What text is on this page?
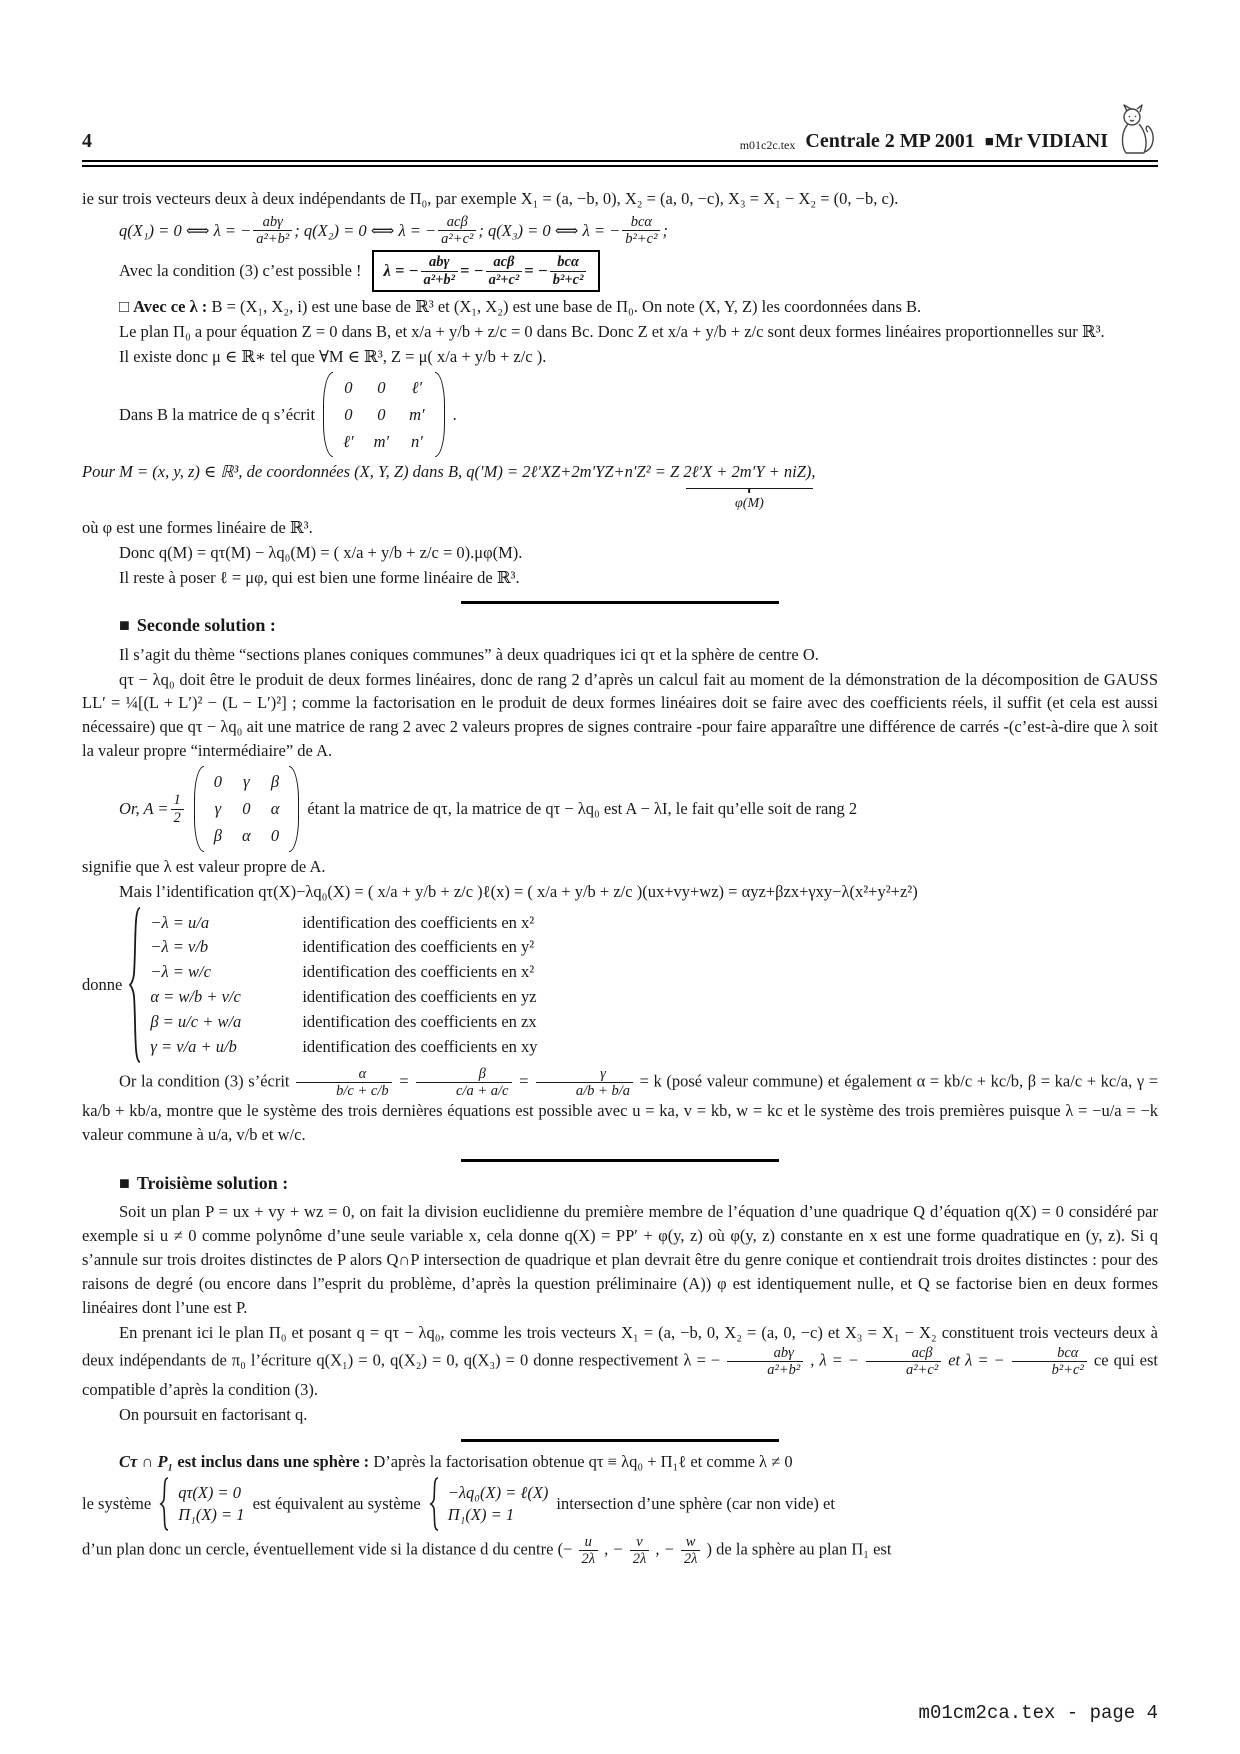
4	m01c2c.tex Centrale 2 MP 2001 ■Mr VIDIANI

ie sur trois vecteurs deux à deux indépendants de Π₀, par exemple X₁ = (a, −b, 0), X₂ = (a, 0, −c), X₃ = X₁ − X₂ = (0, −b, c).

q(X₁) = 0 ⟺ λ = − $\frac{\text{abγ}}{\text{a²+b²}}$ ; q(X₂) = 0 ⟺ λ = − $\frac{\text{acβ}}{\text{a²+c²}}$ ; q(X₃) = 0 ⟺ λ = − $\frac{\text{bcα}}{\text{b²+c²}}$ ;
Avec la condition (3) c’est possible ! λ = − $\frac{\text{abγ}}{\text{a²+b²}}$ = − $\frac{\text{acβ}}{\text{a²+c²}}$ = − $\frac{\text{bcα}}{\text{b²+c²}}$

□ Avec ce λ : B = (X₁, X₂, i) est une base de ℝ³ et (X₁, X₂) est une base de Π₀. On note (X, Y, Z) les coordonnées dans B.

Le plan Π₀ a pour équation Z = 0 dans B, et x/a + y/b + z/c = 0 dans Bc. Donc Z et x/a + y/b + z/c sont deux formes linéaires proportionnelles sur ℝ³.

Il existe donc μ ∈ ℝ∗ tel que ∀M ∈ ℝ³, Z = μ( x/a + y/b + z/c ).

Dans B la matrice de q s’écrit
0 0 ℓ′
0 0 m′
ℓ′ m′ n′
.

Pour M = (x, y, z) ∈ ℝ³, de coordonnées (X, Y, Z) dans B, q(′M) = 2ℓ′XZ+2m′YZ+n′Z² = Z 2ℓ′X + 2m′Y + niZ),
φ(M)

où φ est une formes linéaire de ℝ³.

Donc q(M) = qτ(M) − λq₀(M) = ( x/a + y/b + z/c = 0).μφ(M).

Il reste à poser ℓ = μφ, qui est bien une forme linéaire de ℝ³.

■ Seconde solution :

Il s’agit du thème “sections planes coniques communes” à deux quadriques ici qτ et la sphère de centre O.

qτ − λq₀ doit être le produit de deux formes linéaires, donc de rang 2 d’après un calcul fait au moment de la démonstration de la décomposition de GAUSS LL′ = ¼[(L + L′)² − (L − L′)²] ; comme la factorisation en le produit de deux formes linéaires doit se faire avec des coefficients réels, il suffit (et cela est aussi nécessaire) que qτ − λq₀ ait une matrice de rang 2 avec 2 valeurs propres de signes contraire -pour faire apparaître une différence de carrés -(c’est-à-dire que λ soit la valeur propre “intermédiaire” de A.

Or, $A = \frac{1}{2}$
0 γ β
γ 0 α
β α 0
étant la matrice de qτ, la matrice de qτ − λq₀ est A − λI, le fait qu’elle soit de rang 2

signifie que λ est valeur propre de A.

Mais l’identification qτ(X)−λq₀(X) = ( x/a + y/b + z/c )ℓ(x) = ( x/a + y/b + z/c )(ux+vy+wz) = αyz+βzx+γxy−λ(x²+y²+z²)

donne
−λ = u/a	identification des coefficients en x²
−λ = v/b	identification des coefficients en y²
−λ = w/c	identification des coefficients en x²
α = w/b + v/c	identification des coefficients en yz
β = u/c + w/a	identification des coefficients en zx
γ = v/a + u/b	identification des coefficients en xy

Or la condition (3) s’écrit $\frac{\alpha}{b/c + c/b} = \frac{\beta}{c/a + a/c} = \frac{\gamma}{a/b + b/a} = k$ (posé valeur commune) et également α = kb/c + kc/b, β = ka/c + kc/a, γ = ka/b + kb/a, montre que le système des trois dernières équations est possible avec u = ka, v = kb, w = kc et le système des trois premières puisque λ = −u/a = −k valeur commune à u/a, v/b et w/c.

■ Troisième solution :

Soit un plan P = ux + vy + wz = 0, on fait la division euclidienne du première membre de l’équation d’une quadrique Q d’équation q(X) = 0 considéré par exemple si u ≠ 0 comme polynôme d’une seule variable x, cela donne q(X) = PP′ + φ(y, z) où φ(y, z) constante en x est une forme quadratique en (y, z). Si q s’annule sur trois droites distinctes de P alors Q∩P intersection de quadrique et plan devrait être du genre conique et contiendrait trois droites distinctes : pour des raisons de degré (ou encore dans l”esprit du problème, d’après la question préliminaire (A)) φ est identiquement nulle, et Q se factorise bien en deux formes linéaires dont l’une est P.

En prenant ici le plan Π₀ et posant q = qτ − λq₀, comme les trois vecteurs X₁ = (a, −b, 0, X₂ = (a, 0, −c) et X₃ = X₁ − X₂ constituent trois vecteurs deux à deux indépendants de π₀ l’écriture q(X₁) = 0, q(X₂) = 0, q(X₃) = 0 donne respectivement λ = − $\frac{\text{abγ}}{\text{a²+b²}}$ , λ = − $\frac{\text{acβ}}{\text{a²+c²}}$ et λ = − $\frac{\text{bcα}}{\text{b²+c²}}$ ce qui est compatible d’après la condition (3).

On poursuit en factorisant q.

Cτ ∩ P₁ est inclus dans une sphère : D’après la factorisation obtenue qτ ≡ λq₀ + Π₁ℓ et comme λ ≠ 0

le système
qτ(X) = 0
Π₁(X) = 1
est équivalent au système
−λq₀(X) = ℓ(X)
Π₁(X) = 1
intersection d’une sphère (car non vide) et

d’un plan donc un cercle, éventuellement vide si la distance d du centre (− $\frac{u}{2\lambda}$ , − $\frac{v}{2\lambda}$ , − $\frac{w}{2\lambda}$ ) de la sphère au plan Π₁ est

m01cm2ca.tex - page 4
